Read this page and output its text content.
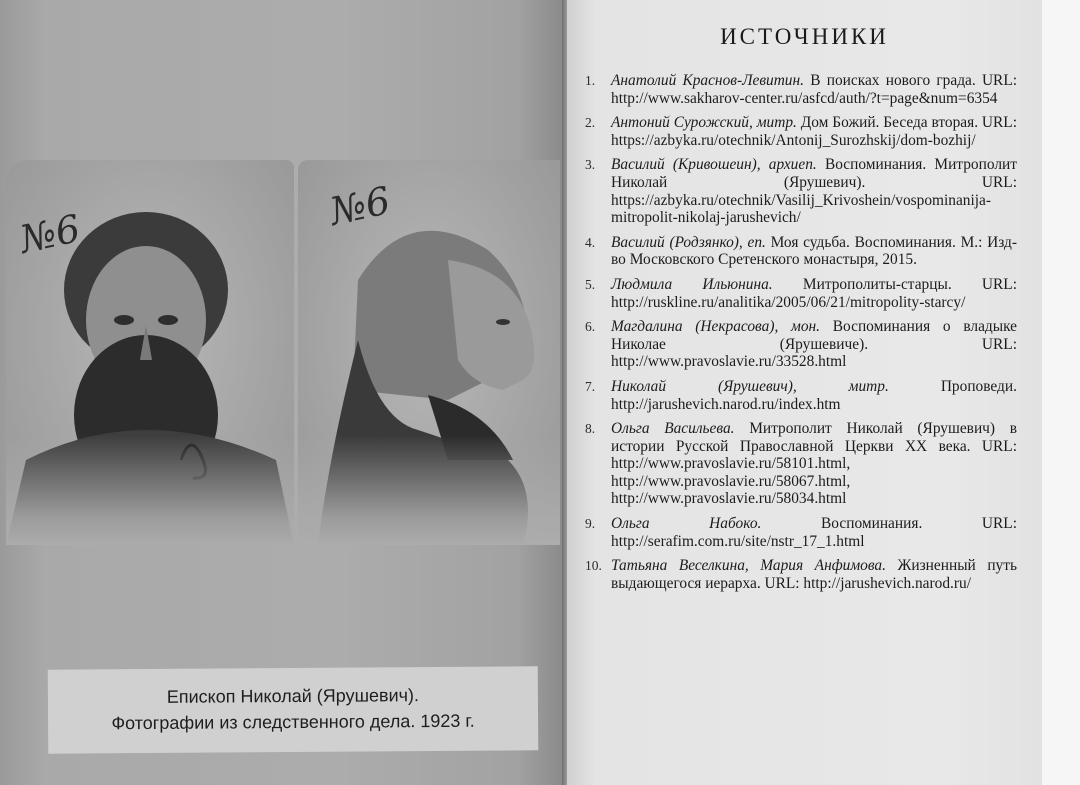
№6
№6
Епископ Николай (Ярушевич).
Фотографии из следственного дела. 1923 г.
ИСТОЧНИКИ
1. Анатолий Краснов-Левитин. В поисках нового града. URL: http://www.sakharov-center.ru/asfcd/auth/?t=page&num=6354
2. Антоний Сурожский, митр. Дом Божий. Беседа вторая. URL: https://azbyka.ru/otechnik/Antonij_Surozhskij/dom-bozhij/
3. Василий (Кривошеин), архиеп. Воспоминания. Митрополит Николай (Ярушевич). URL: https://azbyka.ru/otechnik/Vasilij_Krivoshein/vospominanija-mitropolit-nikolaj-jarushevich/
4. Василий (Родзянко), еп. Моя судьба. Воспоминания. М.: Изд-во Московского Сретенского монастыря, 2015.
5. Людмила Ильюнина. Митрополиты-старцы. URL: http://ruskline.ru/analitika/2005/06/21/mitropolity-starcy/
6. Магдалина (Некрасова), мон. Воспоминания о владыке Николае (Ярушевиче). URL: http://www.pravoslavie.ru/33528.html
7. Николай (Ярушевич), митр.	Проповеди. http://jarushevich.narod.ru/index.htm
8. Ольга Васильева. Митрополит Николай (Ярушевич) в истории Русской Православной Церкви XX века. URL: http://www.pravoslavie.ru/58101.html, http://www.pravoslavie.ru/58067.html, http://www.pravoslavie.ru/58034.html
9. Ольга Набоко.	Воспоминания. URL: http://serafim.com.ru/site/nstr_17_1.html
10. Татьяна Веселкина, Мария Анфимова. Жизненный путь выдающегося иерарха. URL: http://jarushevich.narod.ru/
